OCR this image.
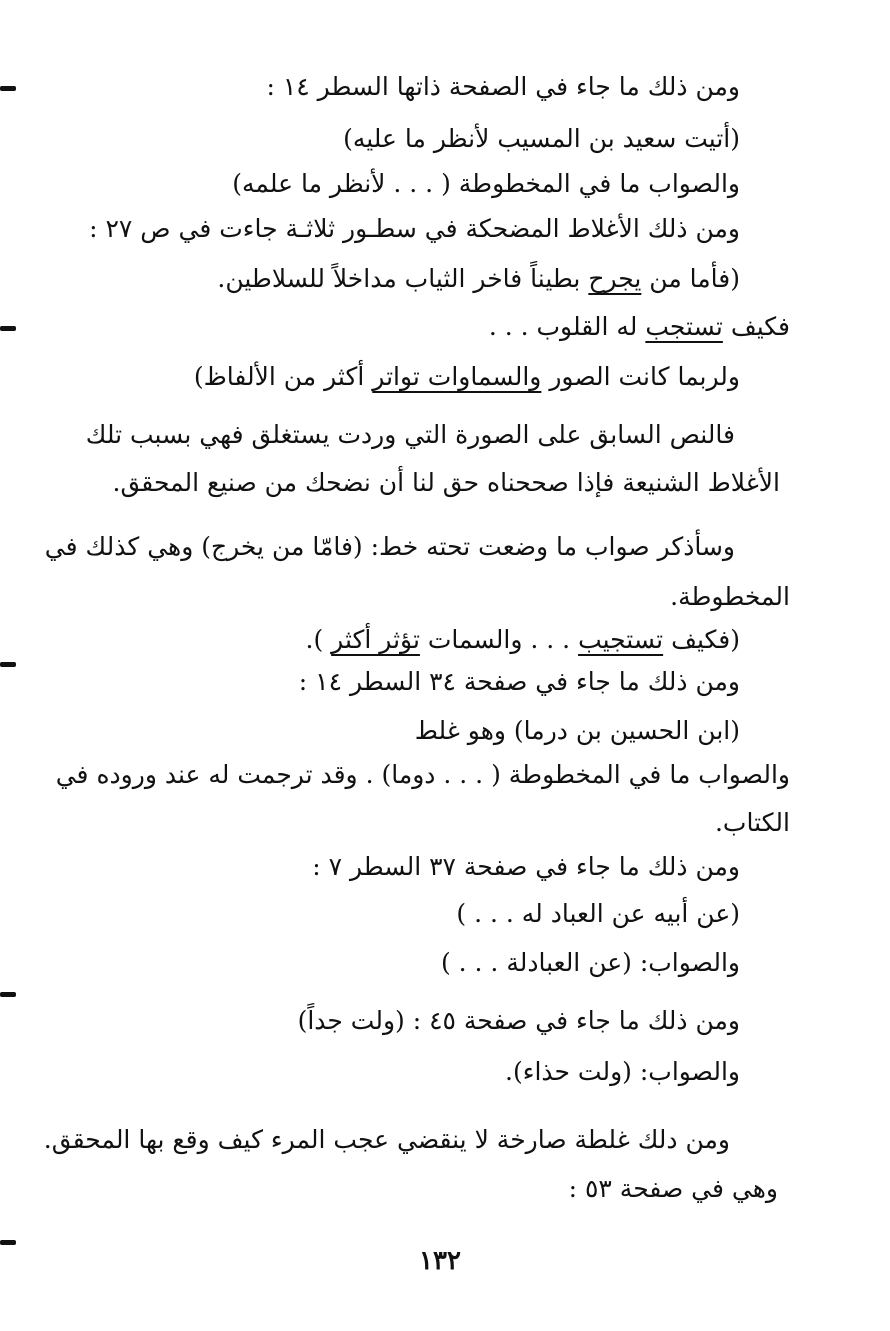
ومن ذلك ما جاء في الصفحة ذاتها السطر ١٤ :
(أتيت سعيد بن المسيب لأنظر ما عليه)
والصواب ما في المخطوطة ( . . . لأنظر ما علمه)
ومن ذلك الأغلاط المضحكة في سطـور ثلاثـة جاءت في ص ٢٧ :
(فأما من يجرح بطيناً فاخر الثياب مداخلاً للسلاطين.
فكيف تستجب له القلوب . . .
ولربما كانت الصور والسماوات تواتر أكثر من الألفاظ)
فالنص السابق على الصورة التي وردت يستغلق فهي بسبب تلك
الأغلاط الشنيعة فإذا صححناه حق لنا أن نضحك من صنيع المحقق.
وسأذكر صواب ما وضعت تحته خط: (فامّا من يخرج) وهي كذلك في
المخطوطة.
(فكيف تستجيب . . . والسمات تؤثر أكثر ).
ومن ذلك ما جاء في صفحة ٣٤ السطر ١٤ :
(ابن الحسين بن درما) وهو غلط
والصواب ما في المخطوطة ( . . . دوما) . وقد ترجمت له عند وروده في
الكتاب.
ومن ذلك ما جاء في صفحة ٣٧ السطر ٧ :
(عن أبيه عن العباد له . . . )
والصواب: (عن العبادلة . . . )
ومن ذلك ما جاء في صفحة ٤٥ : (ولت جداً)
والصواب: (ولت حذاء).
ومن دلك غلطة صارخة لا ينقضي عجب المرء كيف وقع بها المحقق.
وهي في صفحة ٥٣ :
١٣٢
